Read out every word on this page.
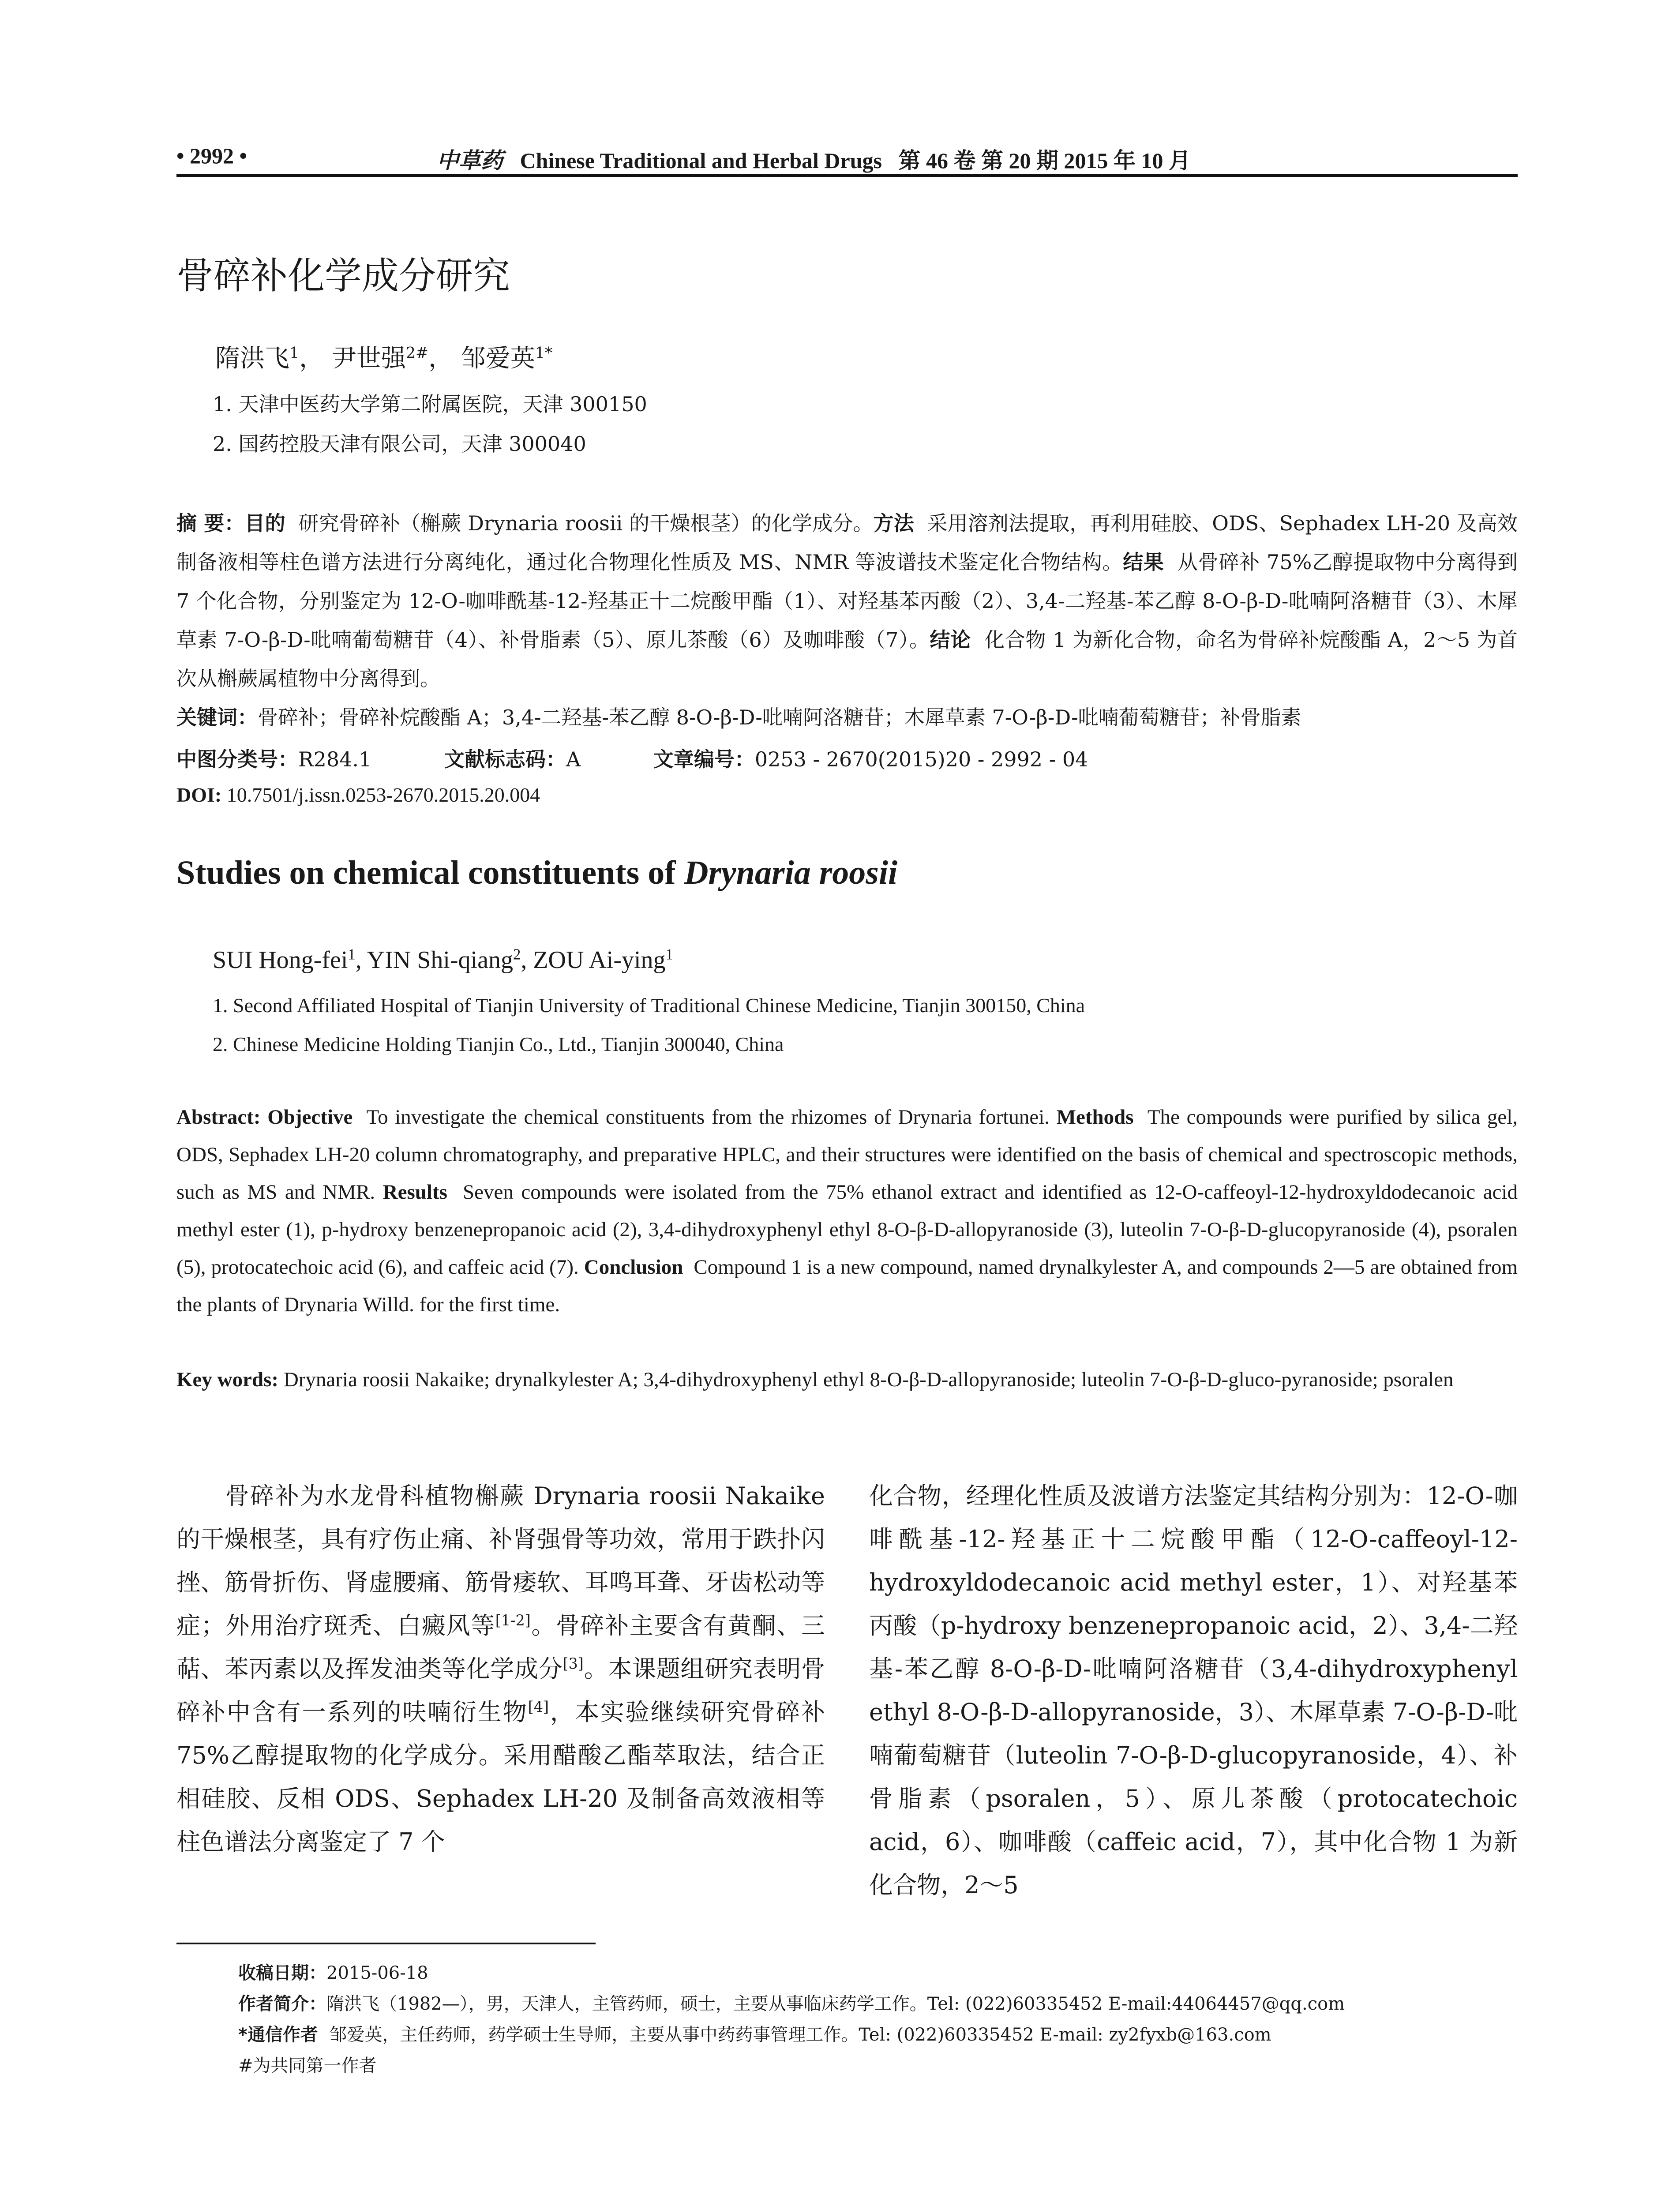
• 2992 •	中草药 Chinese Traditional and Herbal Drugs 第 46 卷 第 20 期 2015 年 10 月
骨碎补化学成分研究
隋洪飞$^1$， 尹世强$^{2\#}$， 邹爱英$^{1*}$
1. 天津中医药大学第二附属医院，天津 300150
2. 国药控股天津有限公司，天津 300040
摘 要：目的 研究骨碎补（槲蕨 Drynaria roosii 的干燥根茎）的化学成分。方法 采用溶剂法提取，再利用硅胶、ODS、Sephadex LH-20 及高效制备液相等柱色谱方法进行分离纯化，通过化合物理化性质及 MS、NMR 等波谱技术鉴定化合物结构。结果 从骨碎补 75%乙醇提取物中分离得到 7 个化合物，分别鉴定为 12-O-咖啡酰基-12-羟基正十二烷酸甲酯（1）、对羟基苯丙酸（2）、3,4-二羟基-苯乙醇 8-O-β-D-吡喃阿洛糖苷（3）、木犀草素 7-O-β-D-吡喃葡萄糖苷（4）、补骨脂素（5）、原儿茶酸（6）及咖啡酸（7）。结论 化合物 1 为新化合物，命名为骨碎补烷酸酯 A，2～5 为首次从槲蕨属植物中分离得到。
关键词：骨碎补；骨碎补烷酸酯 A；3,4-二羟基-苯乙醇 8-O-β-D-吡喃阿洛糖苷；木犀草素 7-O-β-D-吡喃葡萄糖苷；补骨脂素
中图分类号：R284.1	文献标志码：A	文章编号：0253 - 2670(2015)20 - 2992 - 04
DOI: 10.7501/j.issn.0253-2670.2015.20.004
Studies on chemical constituents of Drynaria roosii
SUI Hong-fei$^1$, YIN Shi-qiang$^2$, ZOU Ai-ying$^1$
1. Second Affiliated Hospital of Tianjin University of Traditional Chinese Medicine, Tianjin 300150, China
2. Chinese Medicine Holding Tianjin Co., Ltd., Tianjin 300040, China
Abstract: Objective To investigate the chemical constituents from the rhizomes of Drynaria fortunei. Methods The compounds were purified by silica gel, ODS, Sephadex LH-20 column chromatography, and preparative HPLC, and their structures were identified on the basis of chemical and spectroscopic methods, such as MS and NMR. Results Seven compounds were isolated from the 75% ethanol extract and identified as 12-O-caffeoyl-12-hydroxyldodecanoic acid methyl ester (1), p-hydroxy benzenepropanoic acid (2), 3,4-dihydroxyphenyl ethyl 8-O-β-D-allopyranoside (3), luteolin 7-O-β-D-glucopyranoside (4), psoralen (5), protocatechoic acid (6), and caffeic acid (7). Conclusion Compound 1 is a new compound, named drynalkylester A, and compounds 2—5 are obtained from the plants of Drynaria Willd. for the first time.
Key words: Drynaria roosii Nakaike; drynalkylester A; 3,4-dihydroxyphenyl ethyl 8-O-β-D-allopyranoside; luteolin 7-O-β-D-gluco-pyranoside; psoralen
  骨碎补为水龙骨科植物槲蕨 Drynaria roosii Nakaike 的干燥根茎，具有疗伤止痛、补肾强骨等功效，常用于跌扑闪挫、筋骨折伤、肾虚腰痛、筋骨痿软、耳鸣耳聋、牙齿松动等症；外用治疗斑秃、白癜风等[1-2]。骨碎补主要含有黄酮、三萜、苯丙素以及挥发油类等化学成分[3]。本课题组研究表明骨碎补中含有一系列的呋喃衍生物[4]，本实验继续研究骨碎补 75%乙醇提取物的化学成分。采用醋酸乙酯萃取法，结合正相硅胶、反相 ODS、Sephadex LH-20 及制备高效液相等柱色谱法分离鉴定了 7 个
化合物，经理化性质及波谱方法鉴定其结构分别为：12-O-咖啡酰基-12-羟基正十二烷酸甲酯（12-O-caffeoyl-12-hydroxyldodecanoic acid methyl ester，1）、对羟基苯丙酸（p-hydroxy benzenepropanoic acid，2）、3,4-二羟基-苯乙醇 8-O-β-D-吡喃阿洛糖苷（3,4-dihydroxyphenyl ethyl 8-O-β-D-allopyranoside，3）、木犀草素 7-O-β-D-吡喃葡萄糖苷（luteolin 7-O-β-D-glucopyranoside，4）、补骨脂素（psoralen，5）、原儿茶酸（protocatechoic acid，6）、咖啡酸（caffeic acid，7），其中化合物 1 为新化合物，2～5
收稿日期：2015-06-18
作者简介：隋洪飞（1982—），男，天津人，主管药师，硕士，主要从事临床药学工作。Tel: (022)60335452 E-mail:44064457@qq.com
*通信作者 邹爱英，主任药师，药学硕士生导师，主要从事中药药事管理工作。Tel: (022)60335452 E-mail: zy2fyxb@163.com
#为共同第一作者
